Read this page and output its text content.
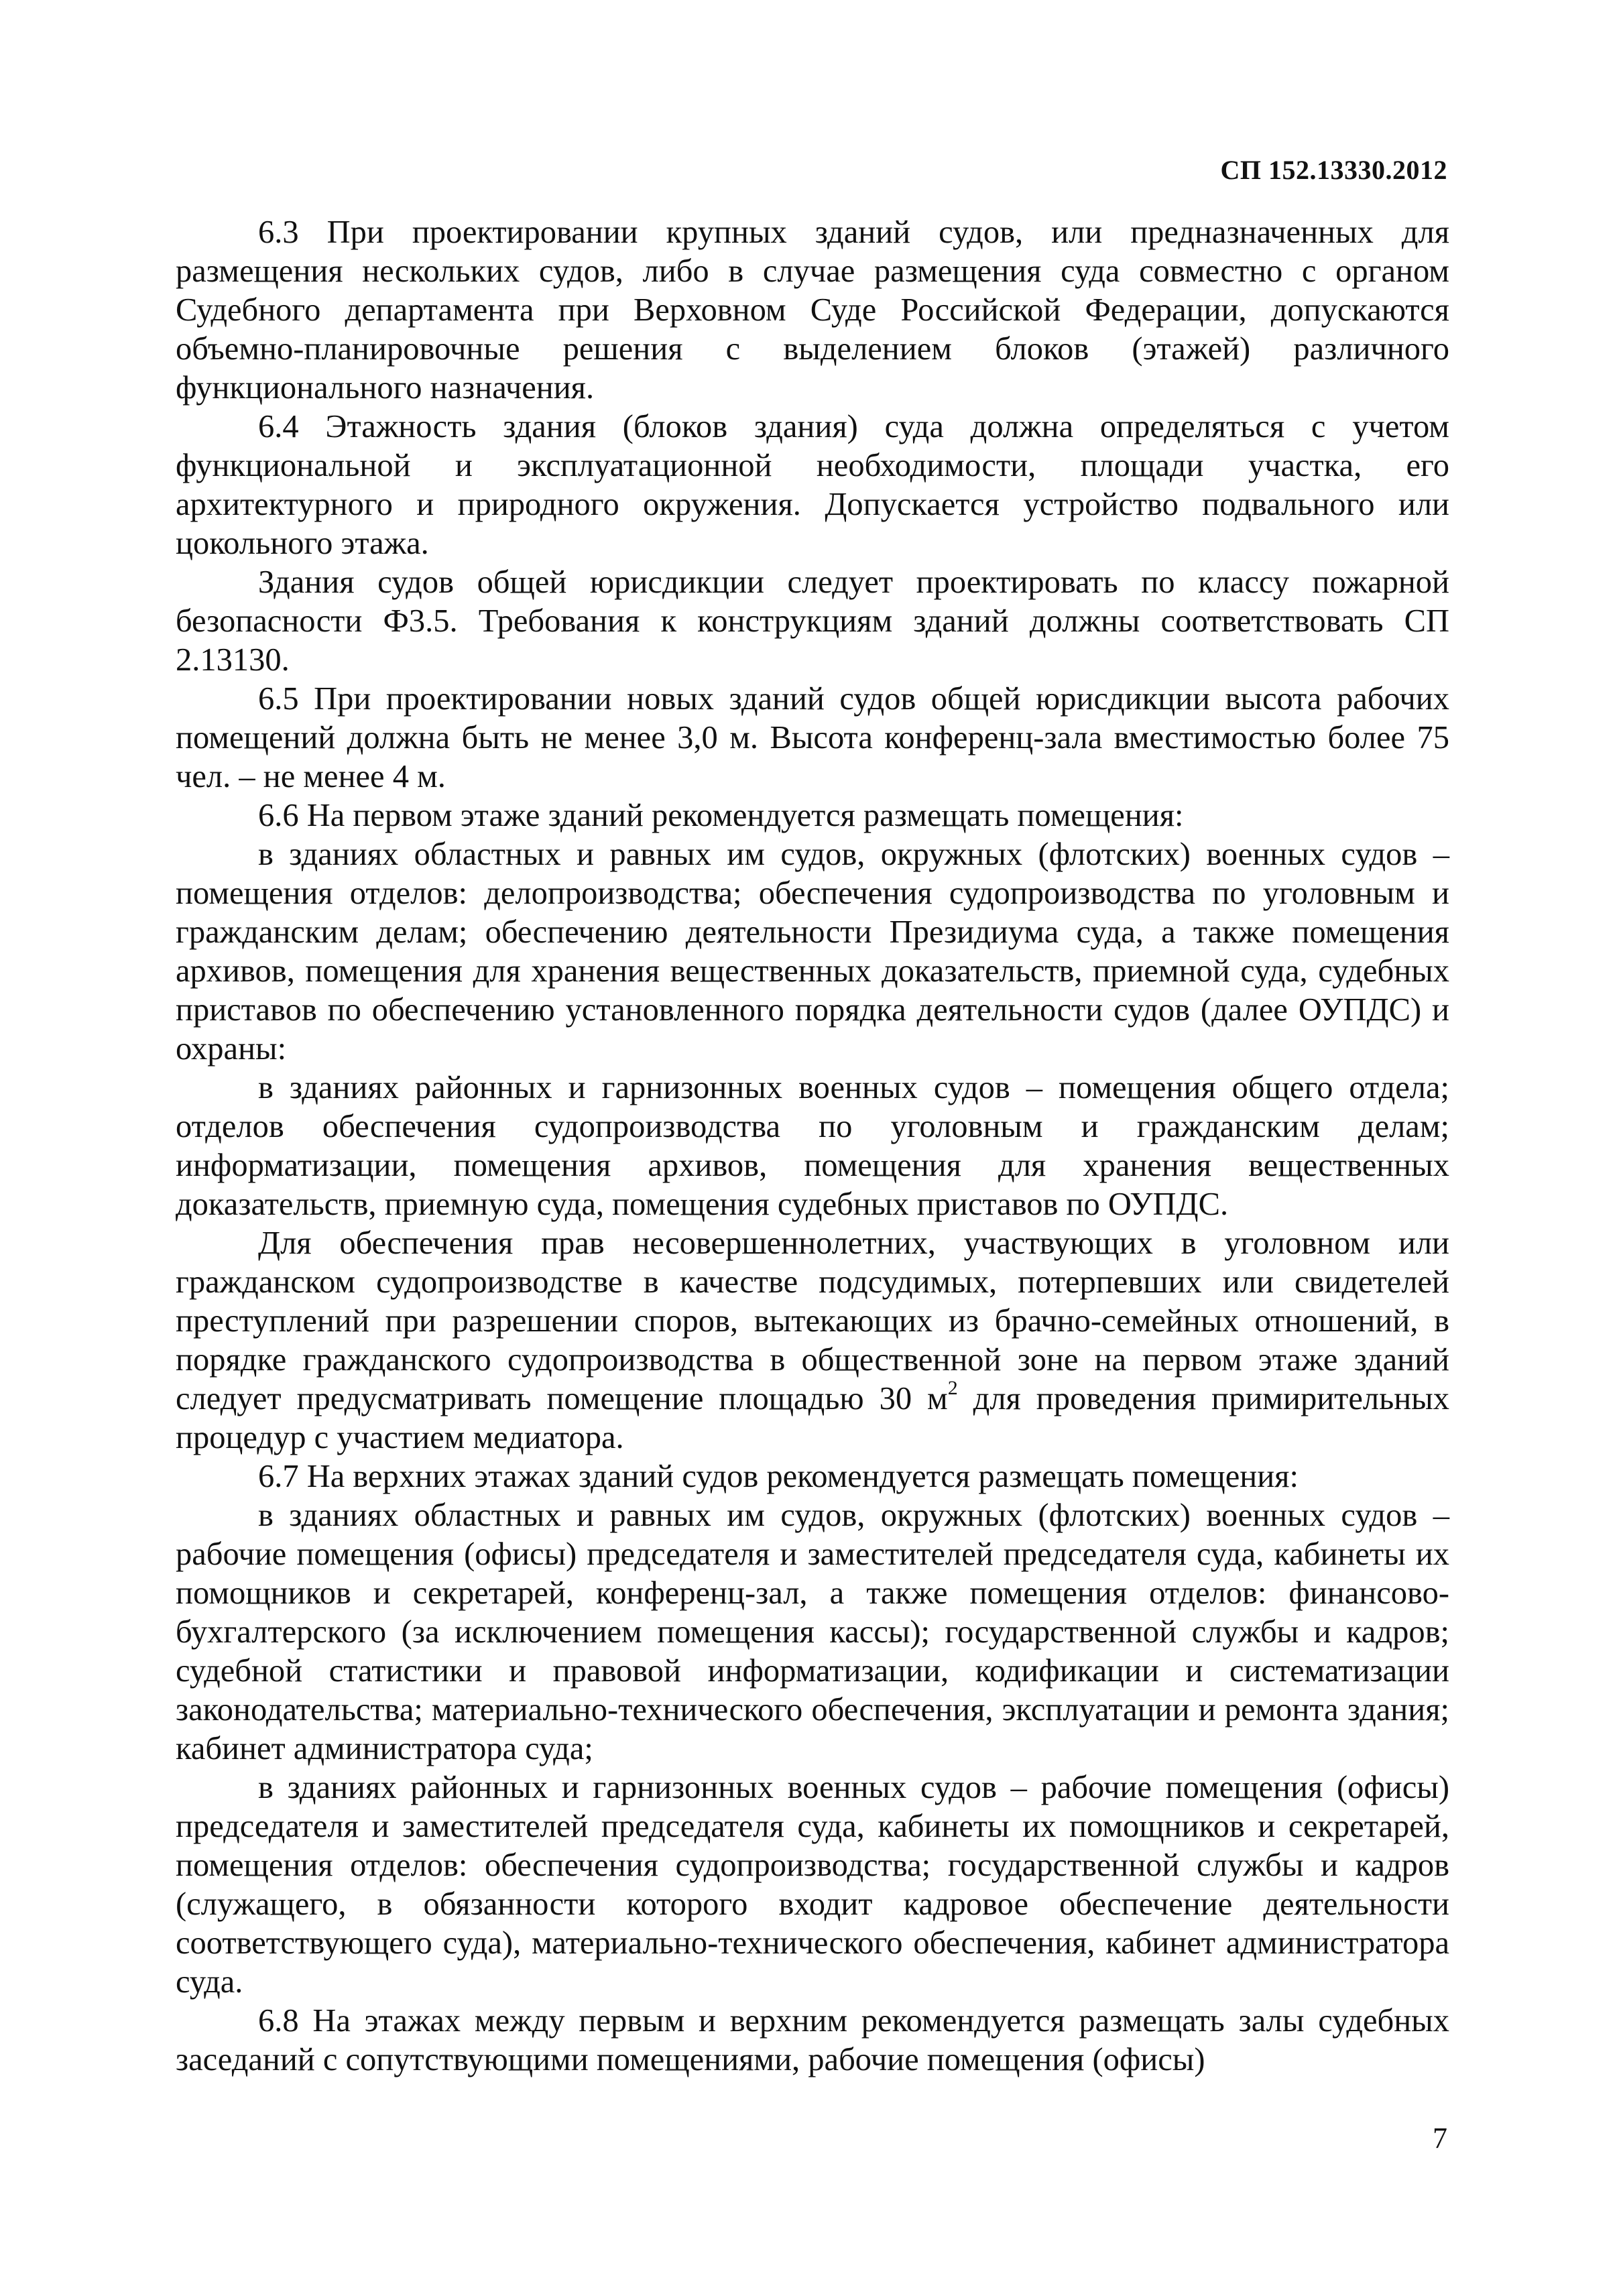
СП 152.13330.2012

6.3 При проектировании крупных зданий судов, или предназначенных для размещения нескольких судов, либо в случае размещения суда совместно с органом Судебного департамента при Верховном Суде Российской Федерации, допускаются объемно-планировочные решения с выделением блоков (этажей) различного функционального назначения.

6.4 Этажность здания (блоков здания) суда должна определяться с учетом функциональной и эксплуатационной необходимости, площади участка, его архитектурного и природного окружения. Допускается устройство подвального или цокольного этажа.

Здания судов общей юрисдикции следует проектировать по классу пожарной безопасности Ф3.5. Требования к конструкциям зданий должны соответствовать СП 2.13130.

6.5 При проектировании новых зданий судов общей юрисдикции высота рабочих помещений должна быть не менее 3,0 м. Высота конференц-зала вместимостью более 75 чел. – не менее 4 м.

6.6 На первом этаже зданий рекомендуется размещать помещения:

в зданиях областных и равных им судов, окружных (флотских) военных судов – помещения отделов: делопроизводства; обеспечения судопроизводства по уголовным и гражданским делам; обеспечению деятельности Президиума суда, а также помещения архивов, помещения для хранения вещественных доказательств, приемной суда, судебных приставов по обеспечению установленного порядка деятельности судов (далее ОУПДС) и охраны:

в зданиях районных и гарнизонных военных судов – помещения общего отдела; отделов обеспечения судопроизводства по уголовным и гражданским делам; информатизации, помещения архивов, помещения для хранения вещественных доказательств, приемную суда, помещения судебных приставов по ОУПДС.

Для обеспечения прав несовершеннолетних, участвующих в уголовном или гражданском судопроизводстве в качестве подсудимых, потерпевших или свидетелей преступлений при разрешении споров, вытекающих из брачно-семейных отношений, в порядке гражданского судопроизводства в общественной зоне на первом этаже зданий следует предусматривать помещение площадью 30 $м^2$ для проведения примирительных процедур с участием медиатора.

6.7 На верхних этажах зданий судов рекомендуется размещать помещения:

в зданиях областных и равных им судов, окружных (флотских) военных судов – рабочие помещения (офисы) председателя и заместителей председателя суда, кабинеты их помощников и секретарей, конференц-зал, а также помещения отделов: финансово-бухгалтерского (за исключением помещения кассы); государственной службы и кадров; судебной статистики и правовой информатизации, кодификации и систематизации законодательства; материально-технического обеспечения, эксплуатации и ремонта здания; кабинет администратора суда;

в зданиях районных и гарнизонных военных судов – рабочие помещения (офисы) председателя и заместителей председателя суда, кабинеты их помощников и секретарей, помещения отделов: обеспечения судопроизводства; государственной службы и кадров (служащего, в обязанности которого входит кадровое обеспечение деятельности соответствующего суда), материально-технического обеспечения, кабинет администратора суда.

6.8 На этажах между первым и верхним рекомендуется размещать залы судебных заседаний с сопутствующими помещениями, рабочие помещения (офисы)

7
